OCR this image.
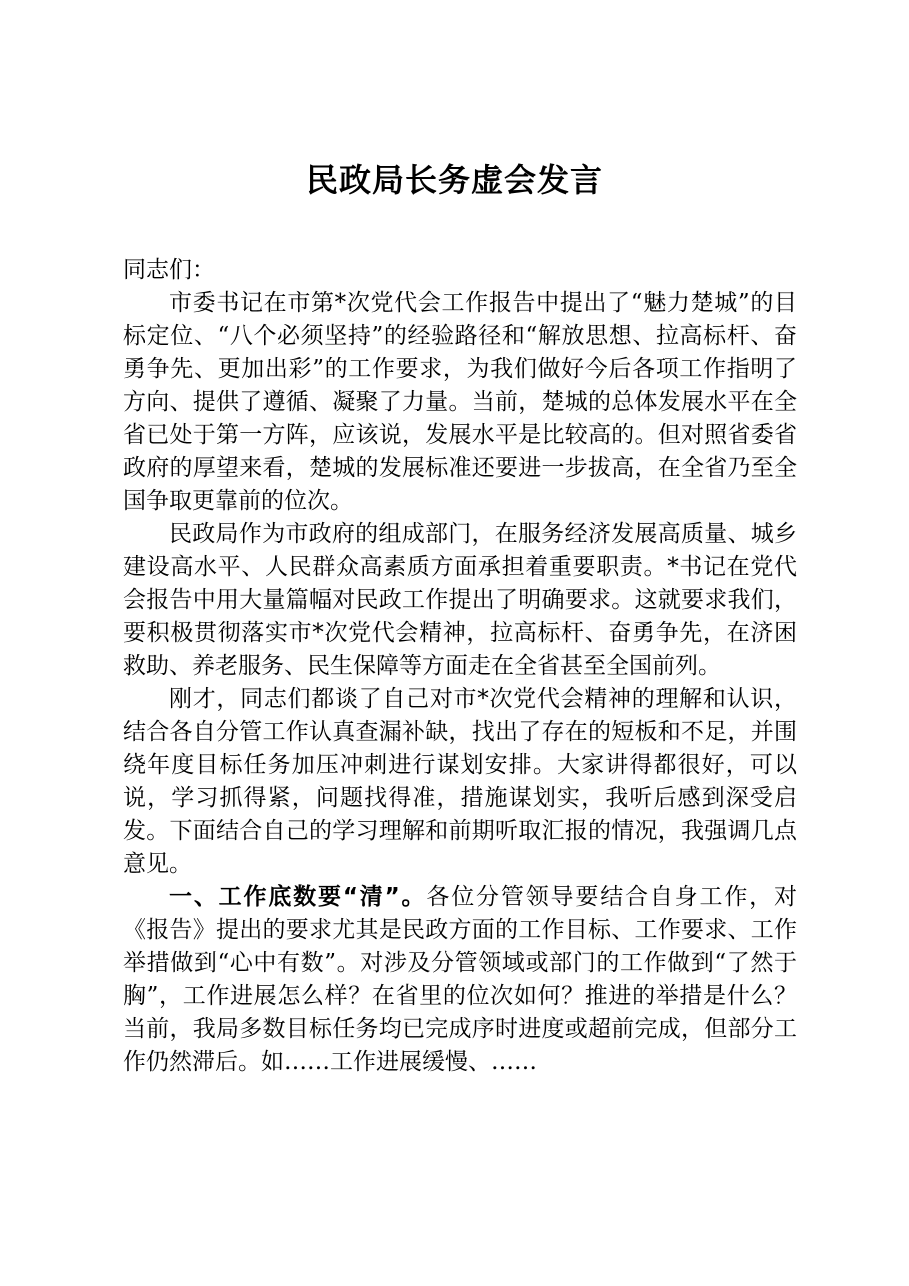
民政局长务虚会发言

同志们：

市委书记在市第*次党代会工作报告中提出了“魅力楚城”的目标定位、“八个必须坚持”的经验路径和“解放思想、拉高标杆、奋勇争先、更加出彩”的工作要求，为我们做好今后各项工作指明了方向、提供了遵循、凝聚了力量。当前，楚城的总体发展水平在全省已处于第一方阵，应该说，发展水平是比较高的。但对照省委省政府的厚望来看，楚城的发展标准还要进一步拔高，在全省乃至全国争取更靠前的位次。

民政局作为市政府的组成部门，在服务经济发展高质量、城乡建设高水平、人民群众高素质方面承担着重要职责。*书记在党代会报告中用大量篇幅对民政工作提出了明确要求。这就要求我们，要积极贯彻落实市*次党代会精神，拉高标杆、奋勇争先，在济困救助、养老服务、民生保障等方面走在全省甚至全国前列。

刚才，同志们都谈了自己对市*次党代会精神的理解和认识，结合各自分管工作认真查漏补缺，找出了存在的短板和不足，并围绕年度目标任务加压冲刺进行谋划安排。大家讲得都很好，可以说，学习抓得紧，问题找得准，措施谋划实，我听后感到深受启发。下面结合自己的学习理解和前期听取汇报的情况，我强调几点意见。

一、工作底数要“清”。各位分管领导要结合自身工作，对《报告》提出的要求尤其是民政方面的工作目标、工作要求、工作举措做到“心中有数”。对涉及分管领域或部门的工作做到“了然于胸”，工作进展怎么样？在省里的位次如何？推进的举措是什么？当前，我局多数目标任务均已完成序时进度或超前完成，但部分工作仍然滞后。如……工作进展缓慢、……
